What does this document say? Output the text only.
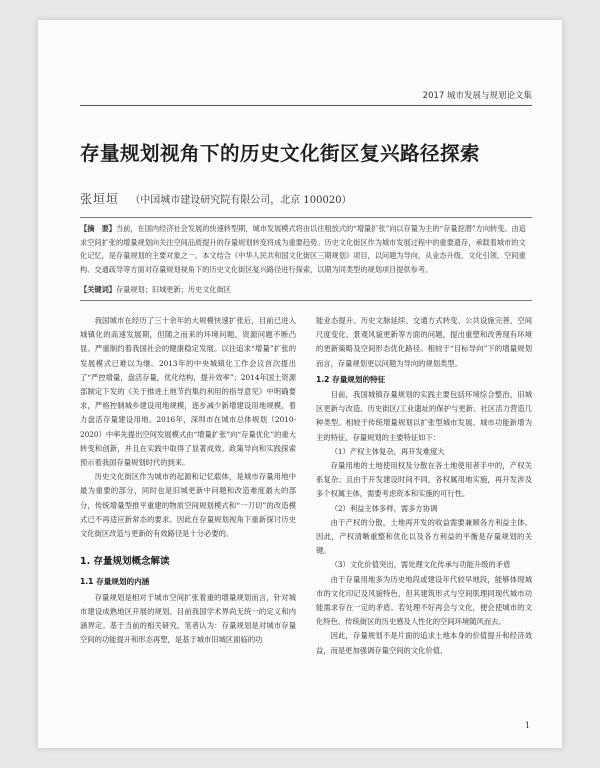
2017 城市发展与规划论文集
存量规划视角下的历史文化街区复兴路径探索
张垣垣 （中国城市建设研究院有限公司，北京 100020）
【摘　要】当前，在国内经济社会发展的快速转型期，城市发展模式将由以往粗放式的“增量扩张”向以存量为主的“存量挖潜”方向转变。由追求空间扩张的增量规划向关注空间品质提升的存量规划转变将成为重要趋势。历史文化街区作为城市发展过程中的重要遗存，承载着城市的文化记忆，是存量规划的主要对象之一。本文结合《中华人民共和国文化街区三期规划》项目，以问题为导向，从业态升级、文化引领、空间重构、交通疏导等方面对存量规划视角下的历史文化街区复兴路径进行探索，以期为同类型的规划项目提供参考。
【关键词】存量规划；旧城更新；历史文化街区

我国城市在经历了三十余年的大规模快速扩张后，目前已进入城镇化的高速发展期，但随之而来的环境问题、资源问题不断凸显。严重制约着我国社会的健康稳定发展。以往追求“增量”扩张的发展模式已难以为继。2013年的中央城镇化工作会议首次提出了“严控增量，盘活存量，优化结构，提升效率”；2014年国土资源部制定下发的《关于推进土地节约集约利用的指导意见》中明确要求，严格控制城乡建设用地规模，逐步减少新增建设用地规模，着力盘活存量建设用地。2016年，深圳市在城市总体规划（2010-2020）中率先提出空间发展模式由“增量扩张”向“存量优化”的重大转变和创新，并且在实践中取得了显著成效。政策导向和实践探索预示着我国存量规划时代的到来。

历史文化街区作为城市的起源和记忆载体，是城市存量用地中最为重要的部分，同时也是旧城更新中问题和改造难度最大的部分，传统增量型推平重建的物质空间规划模式和“一刀切”的改造模式已不再适应新常态的要求。因此在存量规划视角下重新探讨历史文化街区改造与更新的有效路径是十分必要的。

1. 存量规划概念解读
1.1 存量规划的内涵

存量规划是相对于城市空间扩张着重的增量规划而言，针对城市建设成熟地区开展的规划。目前我国学术界尚无统一的定义和内涵界定。基于当前的相关研究，笔者认为：存量规划是对城市存量空间的功能提升和形态再塑，是基于城市旧城区面临的功

能业态提升、历史文脉延续、交通方式转变、公共设施完善、空间尺度变化、景观风貌更新等方面的问题，提出重塑和改善现有环境的更新策略及空间形态优化路径。相较于“目标导向”下的增量规划而言，存量规划更以问题为导向的规划类型。

1.2 存量规划的特征

目前，我国城镇存量规划的实践主要包括环境综合整治、旧城区更新与改造、历史街区/工业遗址的保护与更新、社区活力营造几种类型。相较于传统增量规划以扩张型城市发展、城市功能新增为主的特征，存量规划的主要特征如下：

（1）产权主体复杂，再开发难度大

存量用地的土地使用权及分散在各土地使用者手中的，产权关系复杂；且由于开发建设时间不同，各权属用地实施，再开发涉及多个权属主体，需要考虑资本和实施的可行性。

（2）利益主体多样，需多方协调

由于产权的分散，土地再开发的收益需要兼顾各方利益主体。因此，产权清晰重整和优化以及各方利益的平衡是存量规划的关键。

（3）文化价值突出，需处理文化传承与功能升级的矛盾

由于存量用地多为历史地段或建设年代较早地段，能够体现城市的文化印记及风貌特色，但其建筑形式与空间肌理同现代城市功能需求存在一定的矛盾。若处理不好再会与文化，便会使城市的文化特色、传统街区的历史感及人性化的空间环境随风而去。

因此，存量规划不是片面的追求土地本身的价值提升和经济效益，而是更加强调存量空间的文化价值、

1
